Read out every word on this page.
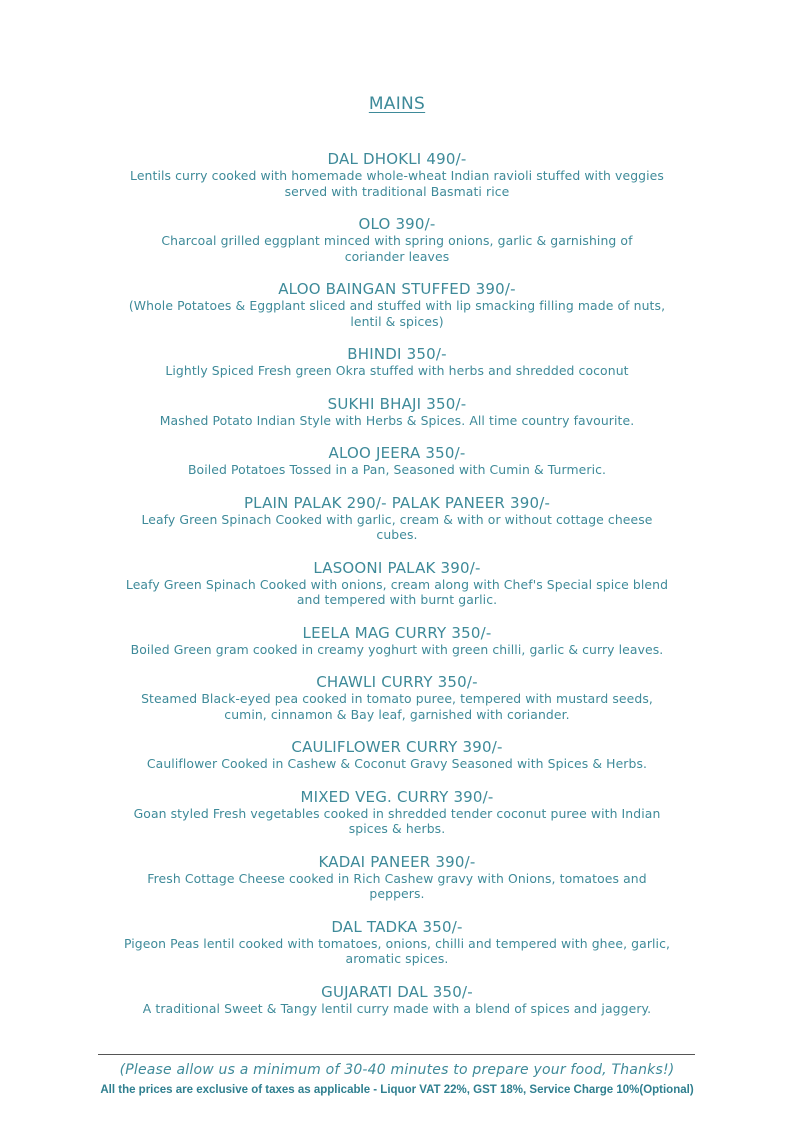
MAINS
DAL DHOKLI 490/-
Lentils curry cooked with homemade whole-wheat Indian ravioli stuffed with veggies
served with traditional Basmati rice
OLO 390/-
Charcoal grilled eggplant minced with spring onions, garlic & garnishing of
coriander leaves
ALOO BAINGAN STUFFED 390/-
(Whole Potatoes & Eggplant sliced and stuffed with lip smacking filling made of nuts,
lentil & spices)
BHINDI 350/-
Lightly Spiced Fresh green Okra stuffed with herbs and shredded coconut
SUKHI BHAJI 350/-
Mashed Potato Indian Style with Herbs & Spices. All time country favourite.
ALOO JEERA 350/-
Boiled Potatoes Tossed in a Pan, Seasoned with Cumin & Turmeric.
PLAIN PALAK 290/- PALAK PANEER 390/-
Leafy Green Spinach Cooked with garlic, cream & with or without cottage cheese
cubes.
LASOONI PALAK 390/-
Leafy Green Spinach Cooked with onions, cream along with Chef's Special spice blend
and tempered with burnt garlic.
LEELA MAG CURRY 350/-
Boiled Green gram cooked in creamy yoghurt with green chilli, garlic & curry leaves.
CHAWLI CURRY 350/-
Steamed Black-eyed pea cooked in tomato puree, tempered with mustard seeds,
cumin, cinnamon & Bay leaf, garnished with coriander.
CAULIFLOWER CURRY 390/-
Cauliflower Cooked in Cashew & Coconut Gravy Seasoned with Spices & Herbs.
MIXED VEG. CURRY 390/-
Goan styled Fresh vegetables cooked in shredded tender coconut puree with Indian
spices & herbs.
KADAI PANEER 390/-
Fresh Cottage Cheese cooked in Rich Cashew gravy with Onions, tomatoes and
peppers.
DAL TADKA 350/-
Pigeon Peas lentil cooked with tomatoes, onions, chilli and tempered with ghee, garlic,
aromatic spices.
GUJARATI DAL 350/-
A traditional Sweet & Tangy lentil curry made with a blend of spices and jaggery.
(Please allow us a minimum of 30-40 minutes to prepare your food, Thanks!)
All the prices are exclusive of taxes as applicable - Liquor VAT 22%, GST 18%, Service Charge 10%(Optional)
